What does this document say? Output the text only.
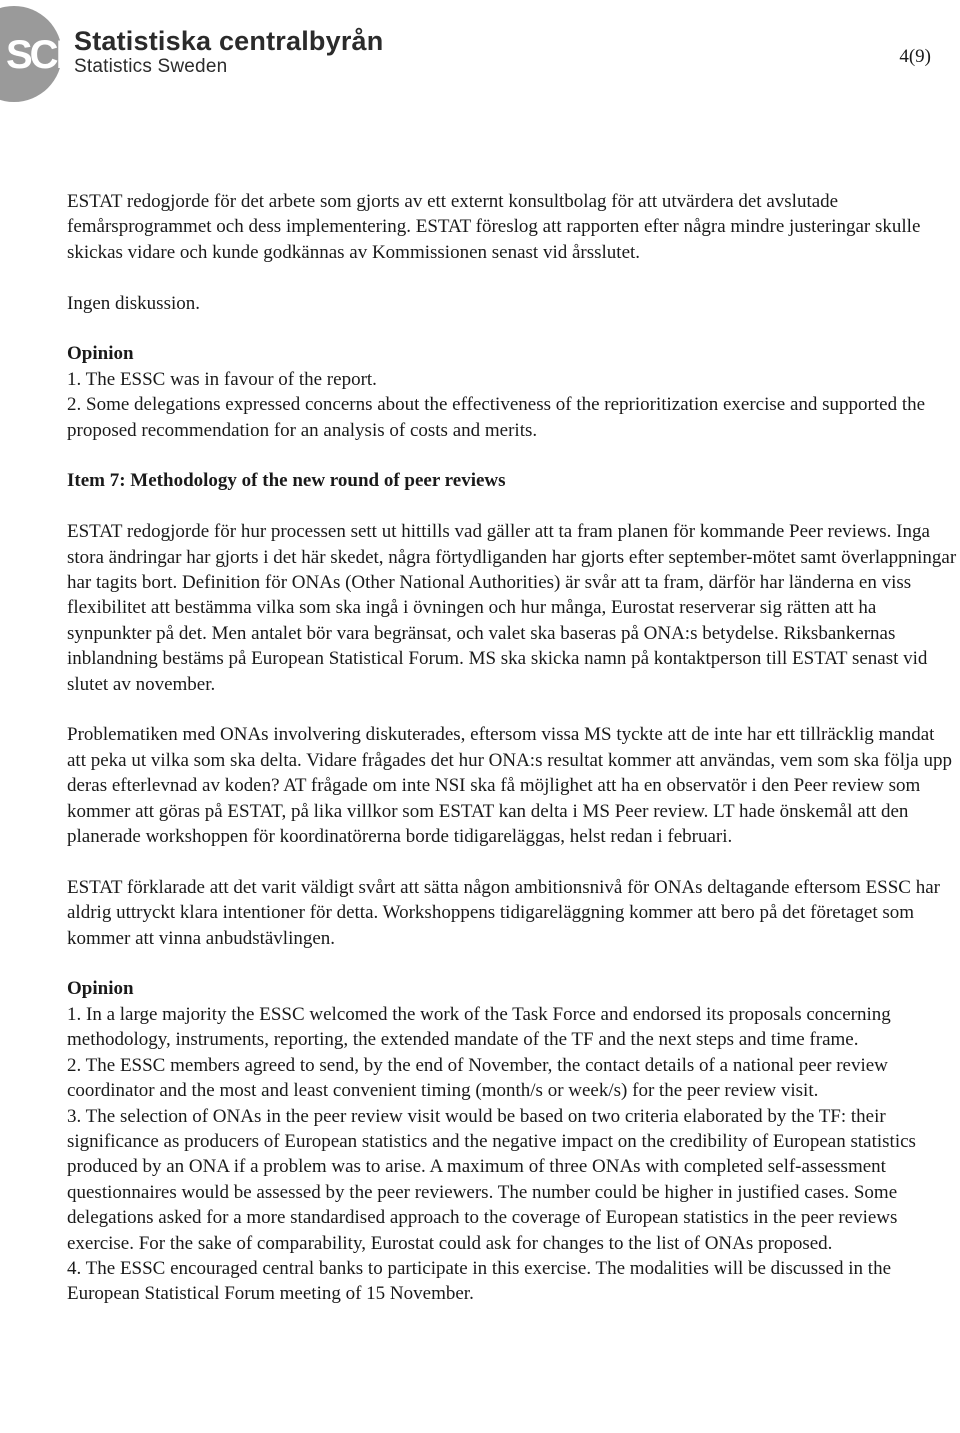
SCB
Statistiska centralbyrån
Statistics Sweden	4(9)

ESTAT redogjorde för det arbete som gjorts av ett externt konsultbolag för att utvärdera det avslutade femårsprogrammet och dess implementering. ESTAT föreslog att rapporten efter några mindre justeringar skulle skickas vidare och kunde godkännas av Kommissionen senast vid årsslutet.

Ingen diskussion.

Opinion

1. The ESSC was in favour of the report.

2. Some delegations expressed concerns about the effectiveness of the reprioritization exercise and supported the proposed recommendation for an analysis of costs and merits.

Item 7: Methodology of the new round of peer reviews

ESTAT redogjorde för hur processen sett ut hittills vad gäller att ta fram planen för kommande Peer reviews. Inga stora ändringar har gjorts i det här skedet, några förtydliganden har gjorts efter september-mötet samt överlappningar har tagits bort. Definition för ONAs (Other National Authorities) är svår att ta fram, därför har länderna en viss flexibilitet att bestämma vilka som ska ingå i övningen och hur många, Eurostat reserverar sig rätten att ha synpunkter på det. Men antalet bör vara begränsat, och valet ska baseras på ONA:s betydelse. Riksbankernas inblandning bestäms på European Statistical Forum. MS ska skicka namn på kontaktperson till ESTAT senast vid slutet av november.

Problematiken med ONAs involvering diskuterades, eftersom vissa MS tyckte att de inte har ett tillräcklig mandat att peka ut vilka som ska delta. Vidare frågades det hur ONA:s resultat kommer att användas, vem som ska följa upp deras efterlevnad av koden? AT frågade om inte NSI ska få möjlighet att ha en observatör i den Peer review som kommer att göras på ESTAT, på lika villkor som ESTAT kan delta i MS Peer review. LT hade önskemål att den planerade workshoppen för koordinatörerna borde tidigareläggas, helst redan i februari.

ESTAT förklarade att det varit väldigt svårt att sätta någon ambitionsnivå för ONAs deltagande eftersom ESSC har aldrig uttryckt klara intentioner för detta. Workshoppens tidigareläggning kommer att bero på det företaget som kommer att vinna anbudstävlingen.

Opinion

1. In a large majority the ESSC welcomed the work of the Task Force and endorsed its proposals concerning methodology, instruments, reporting, the extended mandate of the TF and the next steps and time frame.

2. The ESSC members agreed to send, by the end of November, the contact details of a national peer review coordinator and the most and least convenient timing (month/s or week/s) for the peer review visit.

3. The selection of ONAs in the peer review visit would be based on two criteria elaborated by the TF: their significance as producers of European statistics and the negative impact on the credibility of European statistics produced by an ONA if a problem was to arise. A maximum of three ONAs with completed self-assessment questionnaires would be assessed by the peer reviewers. The number could be higher in justified cases. Some delegations asked for a more standardised approach to the coverage of European statistics in the peer reviews exercise. For the sake of comparability, Eurostat could ask for changes to the list of ONAs proposed.

4. The ESSC encouraged central banks to participate in this exercise. The modalities will be discussed in the European Statistical Forum meeting of 15 November.
